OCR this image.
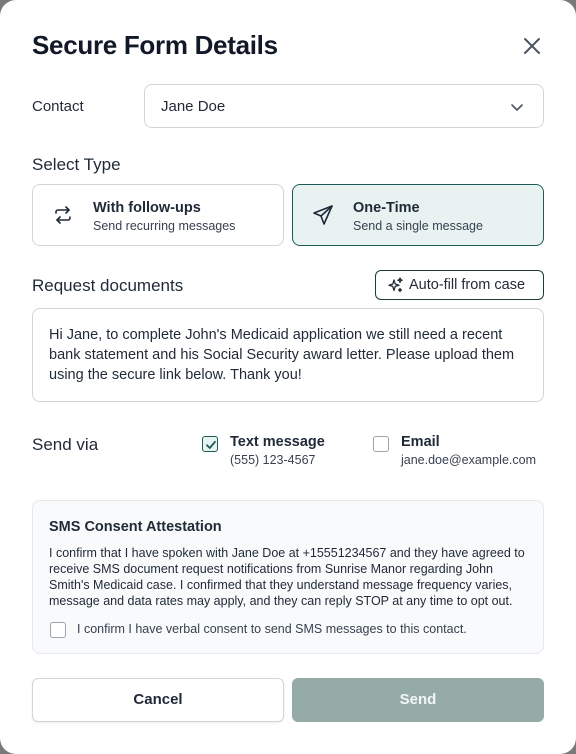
Secure Form Details
Contact	Jane Doe
Select Type
With follow-ups
Send recurring messages
One-Time
Send a single message
Request documents	Auto-fill from case
Hi Jane, to complete John's Medicaid application we still need a recent bank statement and his Social Security award letter. Please upload them using the secure link below. Thank you!
Send via	Text message
(555) 123-4567
Email
jane.doe@example.com
SMS Consent Attestation
I confirm that I have spoken with Jane Doe at +15551234567 and they have agreed to receive SMS document request notifications from Sunrise Manor regarding John Smith's Medicaid case. I confirmed that they understand message frequency varies, message and data rates may apply, and they can reply STOP at any time to opt out.
I confirm I have verbal consent to send SMS messages to this contact.
Cancel	Send
